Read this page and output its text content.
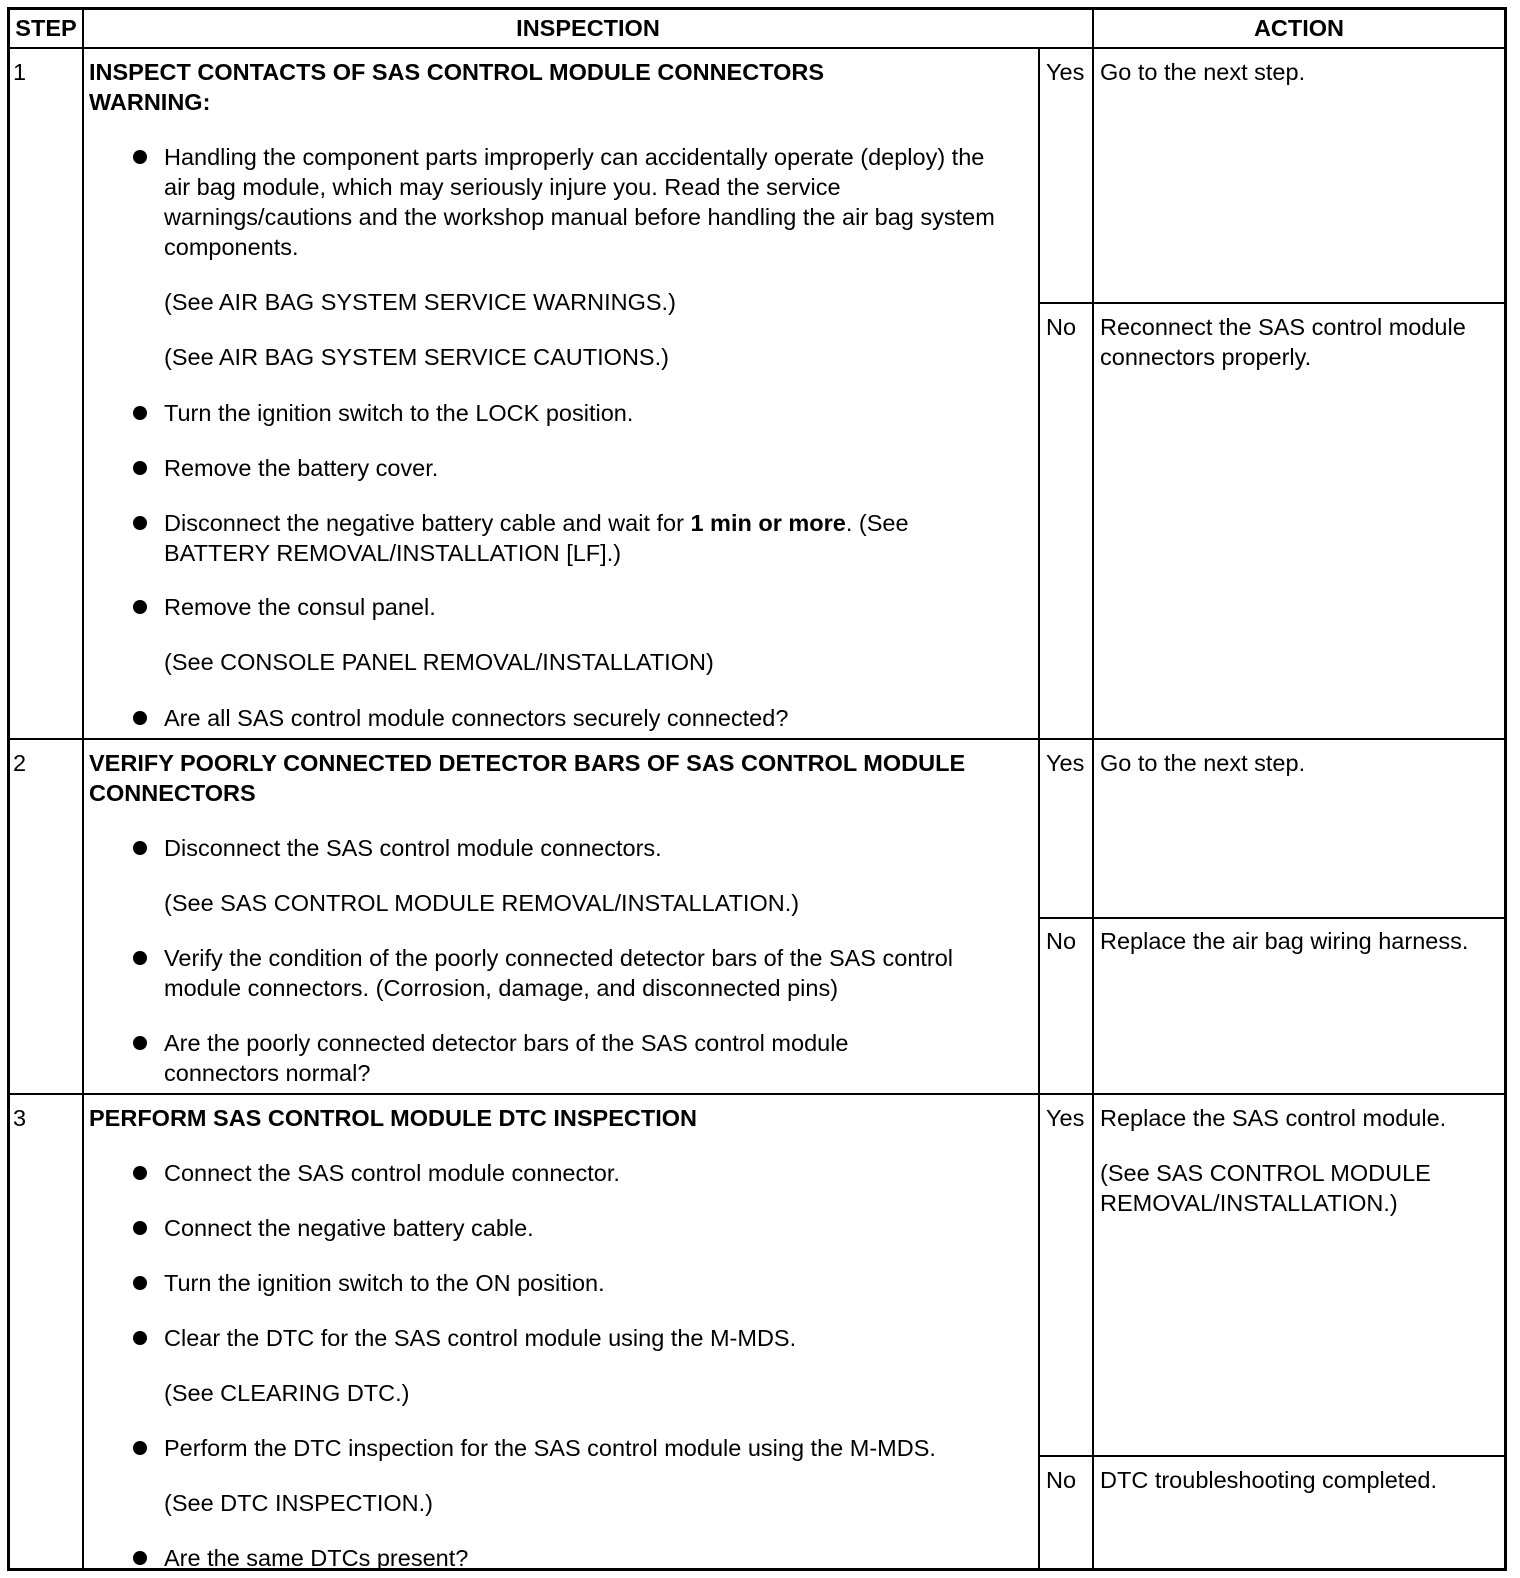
STEP	INSPECTION	ACTION
1	INSPECT CONTACTS OF SAS CONTROL MODULE CONNECTORS
WARNING:
Handling the component parts improperly can accidentally operate (deploy) the air bag module, which may seriously injure you. Read the service warnings/cautions and the workshop manual before handling the air bag system components.
(See AIR BAG SYSTEM SERVICE WARNINGS.)
(See AIR BAG SYSTEM SERVICE CAUTIONS.)
Turn the ignition switch to the LOCK position.
Remove the battery cover.
Disconnect the negative battery cable and wait for 1 min or more. (See BATTERY REMOVAL/INSTALLATION [LF].)
Remove the consul panel.
(See CONSOLE PANEL REMOVAL/INSTALLATION)
Are all SAS control module connectors securely connected?
Yes Go to the next step.
No Reconnect the SAS control module connectors properly.
2	VERIFY POORLY CONNECTED DETECTOR BARS OF SAS CONTROL MODULE CONNECTORS
Disconnect the SAS control module connectors.
(See SAS CONTROL MODULE REMOVAL/INSTALLATION.)
Verify the condition of the poorly connected detector bars of the SAS control module connectors. (Corrosion, damage, and disconnected pins)
Are the poorly connected detector bars of the SAS control module connectors normal?
Yes Go to the next step.
No Replace the air bag wiring harness.
3	PERFORM SAS CONTROL MODULE DTC INSPECTION
Connect the SAS control module connector.
Connect the negative battery cable.
Turn the ignition switch to the ON position.
Clear the DTC for the SAS control module using the M-MDS.
(See CLEARING DTC.)
Perform the DTC inspection for the SAS control module using the M-MDS.
(See DTC INSPECTION.)
Are the same DTCs present?
Yes Replace the SAS control module.
(See SAS CONTROL MODULE REMOVAL/INSTALLATION.)
No DTC troubleshooting completed.
